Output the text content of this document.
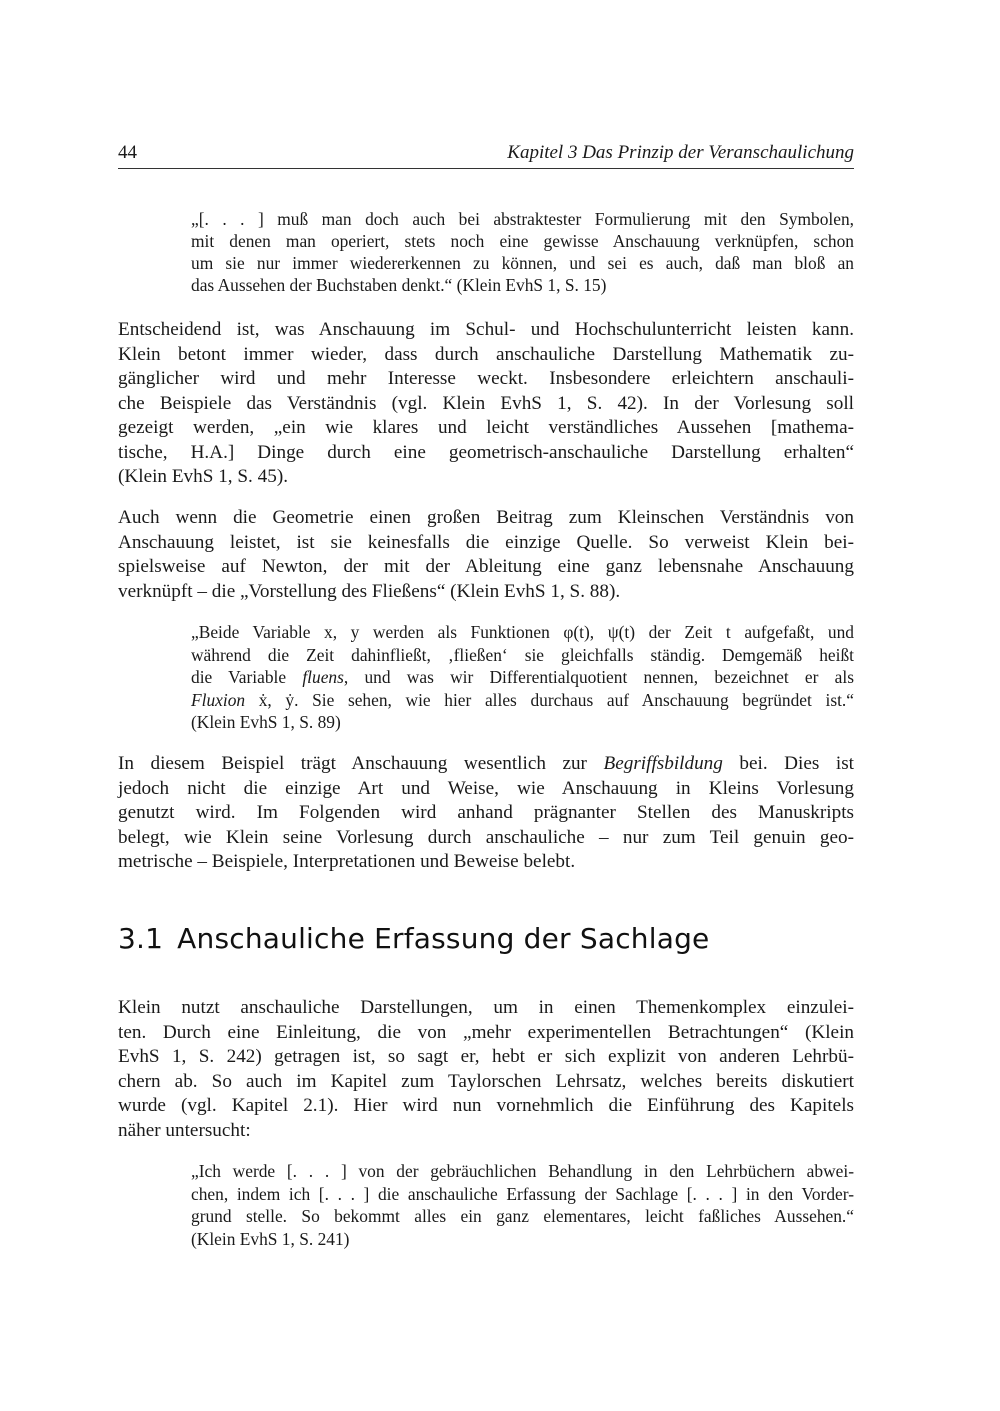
44	Kapitel 3 Das Prinzip der Veranschaulichung
„[. . . ] muß man doch auch bei abstraktester Formulierung mit den Symbolen,
mit denen man operiert, stets noch eine gewisse Anschauung verknüpfen, schon
um sie nur immer wiedererkennen zu können, und sei es auch, daß man bloß an
das Aussehen der Buchstaben denkt.“ (Klein EvhS 1, S. 15)
Entscheidend ist, was Anschauung im Schul- und Hochschulunterricht leisten kann.
Klein betont immer wieder, dass durch anschauliche Darstellung Mathematik zu-
gänglicher wird und mehr Interesse weckt. Insbesondere erleichtern anschauli-
che Beispiele das Verständnis (vgl. Klein EvhS 1, S. 42). In der Vorlesung soll
gezeigt werden, „ein wie klares und leicht verständliches Aussehen [mathema-
tische, H.A.] Dinge durch eine geometrisch-anschauliche Darstellung erhalten“
(Klein EvhS 1, S. 45).
Auch wenn die Geometrie einen großen Beitrag zum Kleinschen Verständnis von
Anschauung leistet, ist sie keinesfalls die einzige Quelle. So verweist Klein bei-
spielsweise auf Newton, der mit der Ableitung eine ganz lebensnahe Anschauung
verknüpft – die „Vorstellung des Fließens“ (Klein EvhS 1, S. 88).
„Beide Variable x, y werden als Funktionen φ(t), ψ(t) der Zeit t aufgefaßt, und
während die Zeit dahinfließt, ‚fließen‘ sie gleichfalls ständig. Demgemäß heißt
die Variable fluens, und was wir Differentialquotient nennen, bezeichnet er als
Fluxion ẋ, ẏ. Sie sehen, wie hier alles durchaus auf Anschauung begründet ist.“
(Klein EvhS 1, S. 89)
In diesem Beispiel trägt Anschauung wesentlich zur Begriffsbildung bei. Dies ist
jedoch nicht die einzige Art und Weise, wie Anschauung in Kleins Vorlesung
genutzt wird. Im Folgenden wird anhand prägnanter Stellen des Manuskripts
belegt, wie Klein seine Vorlesung durch anschauliche – nur zum Teil genuin geo-
metrische – Beispiele, Interpretationen und Beweise belebt.
3.1 Anschauliche Erfassung der Sachlage
Klein nutzt anschauliche Darstellungen, um in einen Themenkomplex einzulei-
ten. Durch eine Einleitung, die von „mehr experimentellen Betrachtungen“ (Klein
EvhS 1, S. 242) getragen ist, so sagt er, hebt er sich explizit von anderen Lehrbü-
chern ab. So auch im Kapitel zum Taylorschen Lehrsatz, welches bereits diskutiert
wurde (vgl. Kapitel 2.1). Hier wird nun vornehmlich die Einführung des Kapitels
näher untersucht:
„Ich werde [. . . ] von der gebräuchlichen Behandlung in den Lehrbüchern abwei-
chen, indem ich [. . . ] die anschauliche Erfassung der Sachlage [. . . ] in den Vorder-
grund stelle. So bekommt alles ein ganz elementares, leicht faßliches Aussehen.“
(Klein EvhS 1, S. 241)
